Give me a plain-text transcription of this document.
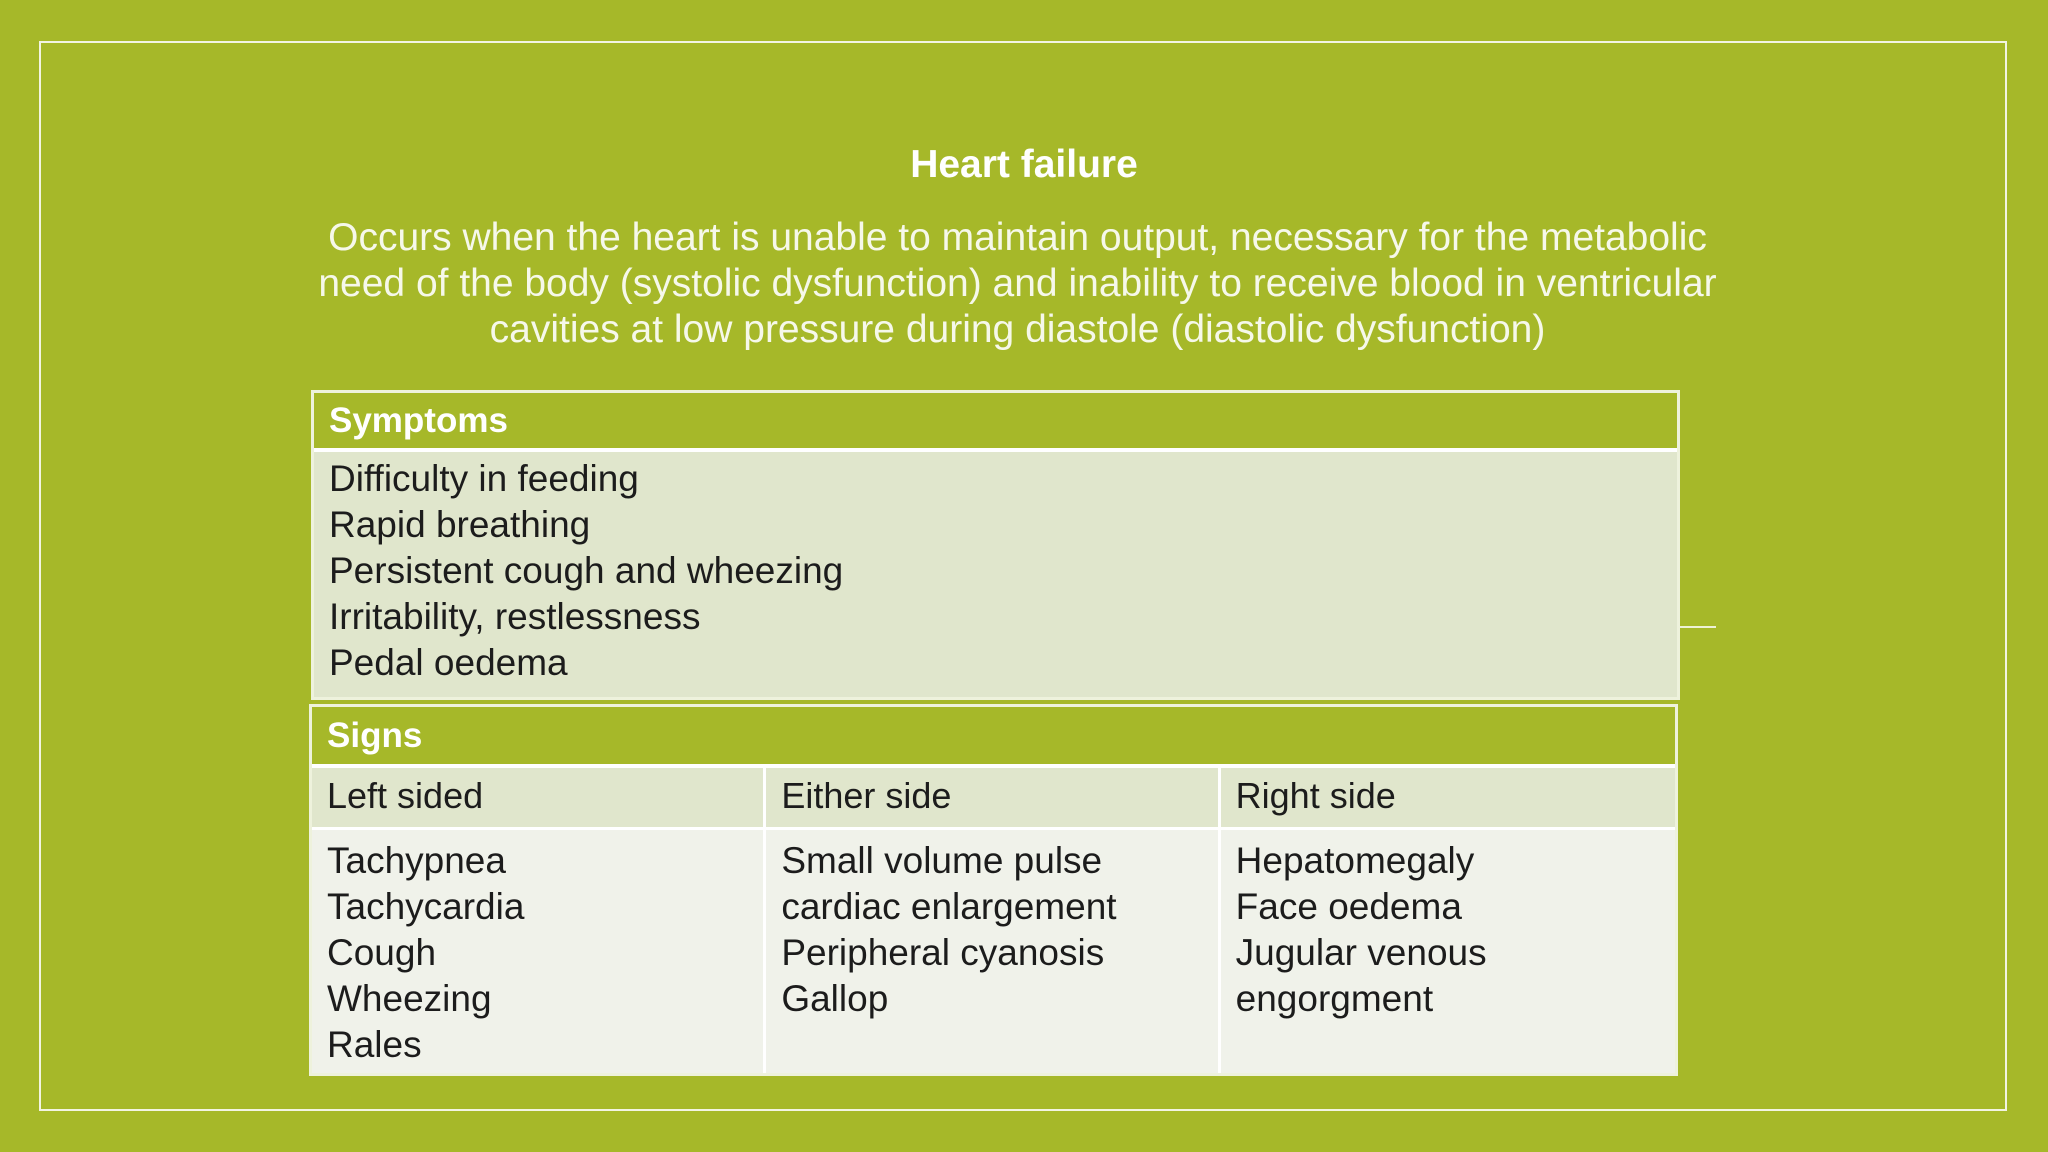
Heart failure
Occurs when the heart is unable to maintain output, necessary for the metabolic
need of the body (systolic dysfunction) and inability to receive blood in ventricular
cavities at low pressure during diastole (diastolic dysfunction)
Symptoms
Difficulty in feeding
Rapid breathing
Persistent cough and wheezing
Irritability, restlessness
Pedal oedema
Signs
Left sided	Either side	Right side
Tachypnea
Tachycardia
Cough
Wheezing
Rales
Small volume pulse
cardiac enlargement
Peripheral cyanosis
Gallop
Hepatomegaly
Face oedema
Jugular venous
engorgment
